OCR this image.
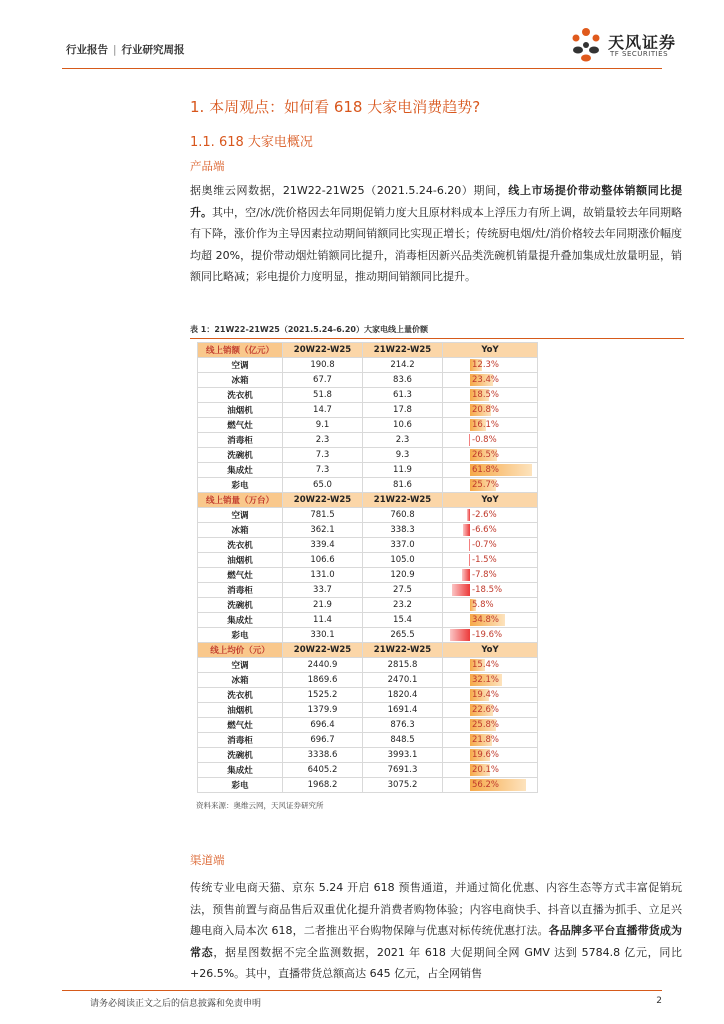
行业报告 | 行业研究周报	天风证券
TF SECURITIES
1. 本周观点：如何看 618 大家电消费趋势?
1.1. 618 大家电概况
产品端
据奥维云网数据，21W22-21W25（2021.5.24-6.20）期间，线上市场提价带动整体销额同比提升。其中，空/冰/洗价格因去年同期促销力度大且原材料成本上浮压力有所上调，故销量较去年同期略有下降，涨价作为主导因素拉动期间销额同比实现正增长；传统厨电烟/灶/消价格较去年同期涨价幅度均超 20%，提价带动烟灶销额同比提升，消毒柜因新兴品类洗碗机销量提升叠加集成灶放量明显，销额同比略减；彩电提价力度明显，推动期间销额同比提升。
表 1：21W22-21W25（2021.5.24-6.20）大家电线上量价额
线上销额（亿元）	20W22-W25	21W22-W25	YoY
空调	190.8	214.2	12.3%

冰箱	67.7	83.6	23.4%

洗衣机	51.8	61.3	18.5%

油烟机	14.7	17.8	20.8%

燃气灶	9.1	10.6	16.1%

消毒柜	2.3	2.3	-0.8%

洗碗机	7.3	9.3	26.5%

集成灶	7.3	11.9	61.8%

彩电	65.0	81.6	25.7%

线上销量（万台）	20W22-W25	21W22-W25	YoY
空调	781.5	760.8	-2.6%

冰箱	362.1	338.3	-6.6%

洗衣机	339.4	337.0	-0.7%

油烟机	106.6	105.0	-1.5%

燃气灶	131.0	120.9	-7.8%

消毒柜	33.7	27.5	-18.5%

洗碗机	21.9	23.2	5.8%

集成灶	11.4	15.4	34.8%

彩电	330.1	265.5	-19.6%

线上均价（元）	20W22-W25	21W22-W25	YoY
空调	2440.9	2815.8	15.4%

冰箱	1869.6	2470.1	32.1%

洗衣机	1525.2	1820.4	19.4%

油烟机	1379.9	1691.4	22.6%

燃气灶	696.4	876.3	25.8%

消毒柜	696.7	848.5	21.8%

洗碗机	3338.6	3993.1	19.6%

集成灶	6405.2	7691.3	20.1%

彩电	1968.2	3075.2	56.2%
资料来源：奥维云网，天风证券研究所
渠道端
传统专业电商天猫、京东 5.24 开启 618 预售通道，并通过简化优惠、内容生态等方式丰富促销玩法，预售前置与商品售后双重优化提升消费者购物体验；内容电商快手、抖音以直播为抓手、立足兴趣电商入局本次 618，二者推出平台购物保障与优惠对标传统优惠打法。各品牌多平台直播带货成为常态，据星图数据不完全监测数据，2021 年 618 大促期间全网 GMV 达到 5784.8 亿元，同比+26.5%。其中，直播带货总额高达 645 亿元，占全网销售
请务必阅读正文之后的信息披露和免责申明	2
